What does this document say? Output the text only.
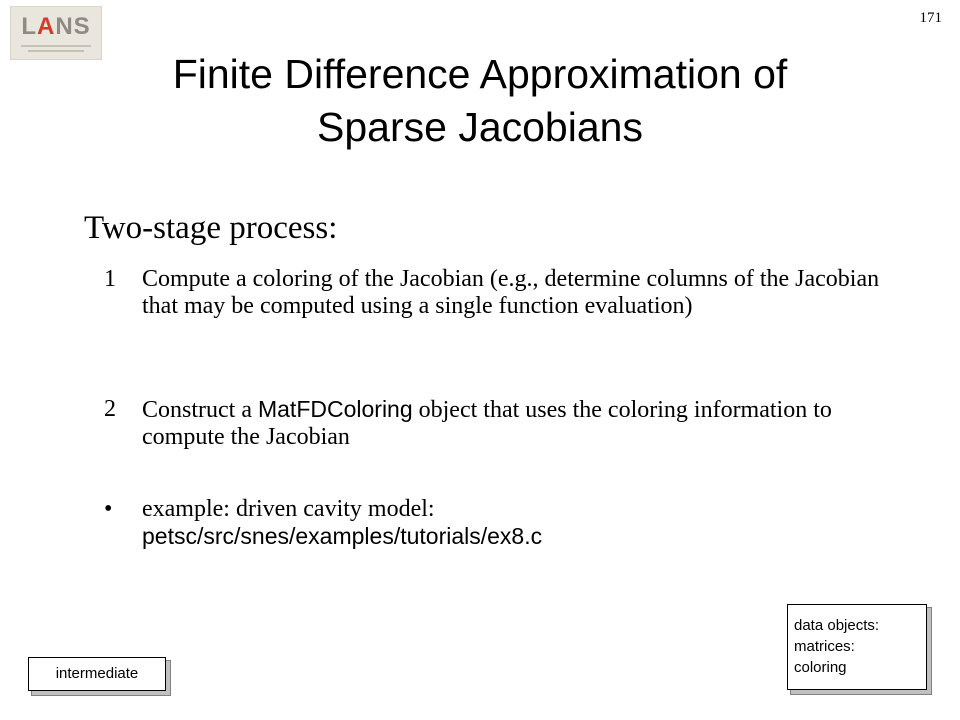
LANS	171
Finite Difference Approximation of
Sparse Jacobians
Two-stage process:
1 Compute a coloring of the Jacobian (e.g., determine columns of the Jacobian that may be computed using a single function evaluation)
2 Construct a MatFDColoring object that uses the coloring information to compute the Jacobian
• example: driven cavity model:
petsc/src/snes/examples/tutorials/ex8.c
intermediate
data objects:
matrices:
coloring
